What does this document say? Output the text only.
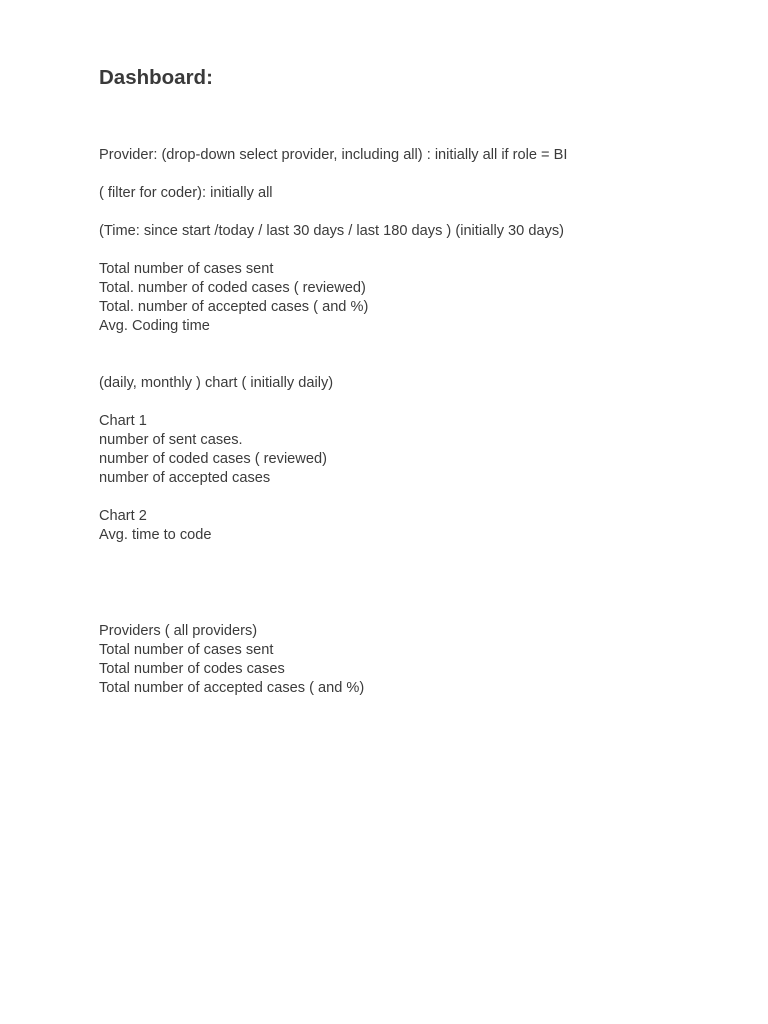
Dashboard:
Provider: (drop-down select provider, including all) : initially all if role = BI
( filter for coder): initially all
(Time: since start /today / last 30 days / last 180 days ) (initially 30 days)
Total number of cases sent
Total. number of coded cases ( reviewed)
Total. number of accepted cases ( and %)
Avg. Coding time
(daily, monthly ) chart ( initially daily)
Chart 1
number of sent cases.
number of coded cases ( reviewed)
number of accepted cases
Chart 2
Avg. time to code
Providers ( all providers)
Total number of cases sent
Total number of codes cases
Total number of accepted cases ( and %)
